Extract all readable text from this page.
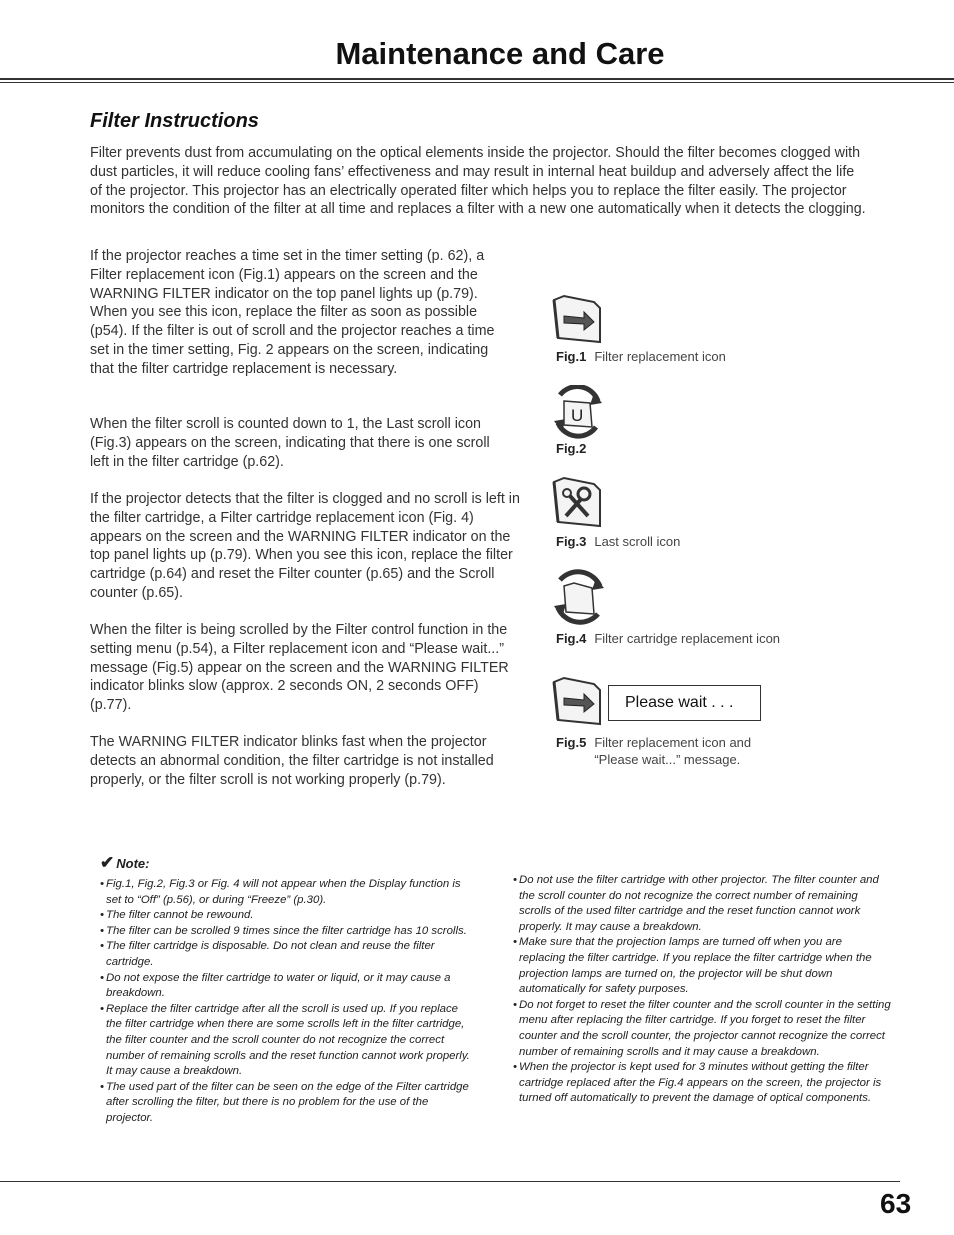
Maintenance and Care
Filter Instructions
Filter prevents dust from accumulating on the optical elements inside the projector. Should the filter becomes clogged with dust particles, it will reduce cooling fans’ effectiveness and may result in internal heat buildup and adversely affect the life of the projector. This projector has an electrically operated filter which helps you to replace the filter easily. The projector monitors the condition of the filter at all time and replaces a filter with a new one automatically when it detects the clogging.
If the projector reaches a time set in the timer setting (p. 62), a Filter replacement icon (Fig.1) appears on the screen and the WARNING FILTER indicator on the top panel lights up (p.79). When you see this icon, replace the filter as soon as possible (p54). If the filter is out of scroll and the projector reaches a time set in the timer setting, Fig. 2 appears on the screen, indicating that the filter cartridge replacement is necessary.
When the filter scroll is counted down to 1, the Last scroll icon (Fig.3) appears on the screen, indicating that there is one scroll left in the filter cartridge (p.62).
If the projector detects that the filter is clogged and no scroll is left in the filter cartridge, a Filter cartridge replacement icon (Fig. 4) appears on the screen and the WARNING FILTER indicator on the top panel lights up (p.79). When you see this icon, replace the filter cartridge (p.64) and reset the Filter counter (p.65) and the Scroll counter (p.65).
When the filter is being scrolled by the Filter control function in the setting menu (p.54), a Filter replacement icon and “Please wait...” message (Fig.5) appear on the screen and the WARNING FILTER indicator blinks slow (approx. 2 seconds ON, 2 seconds OFF) (p.77).
The WARNING FILTER indicator blinks fast when the projector detects an abnormal condition, the filter cartridge is not installed properly, or the filter scroll is not working properly (p.79).
Fig.1 Filter replacement icon
U
Fig.2
Fig.3 Last scroll icon
Fig.4 Filter cartridge replacement icon
Please wait . . .
Fig.5 Filter replacement icon and
“Please wait...” message.
✔ Note:
• Fig.1, Fig.2, Fig.3 or Fig. 4 will not appear when the Display function is set to “Off” (p.56), or during “Freeze” (p.30).
• The filter cannot be rewound.
• The filter can be scrolled 9 times since the filter cartridge has 10 scrolls.
• The filter cartridge is disposable. Do not clean and reuse the filter cartridge.
• Do not expose the filter cartridge to water or liquid, or it may cause a breakdown.
• Replace the filter cartridge after all the scroll is used up. If you replace the filter cartridge when there are some scrolls left in the filter cartridge, the filter counter and the scroll counter do not recognize the correct number of remaining scrolls and the reset function cannot work properly. It may cause a breakdown.
• The used part of the filter can be seen on the edge of the Filter cartridge after scrolling the filter, but there is no problem for the use of the projector.
• Do not use the filter cartridge with other projector. The filter counter and the scroll counter do not recognize the correct number of remaining scrolls of the used filter cartridge and the reset function cannot work properly. It may cause a breakdown.
• Make sure that the projection lamps are turned off when you are replacing the filter cartridge. If you replace the filter cartridge when the projection lamps are turned on, the projector will be shut down automatically for safety purposes.
• Do not forget to reset the filter counter and the scroll counter in the setting menu after replacing the filter cartridge. If you forget to reset the filter counter and the scroll counter, the projector cannot recognize the correct number of remaining scrolls and it may cause a breakdown.
• When the projector is kept used for 3 minutes without getting the filter cartridge replaced after the Fig.4 appears on the screen, the projector is turned off automatically to prevent the damage of optical components.
63
